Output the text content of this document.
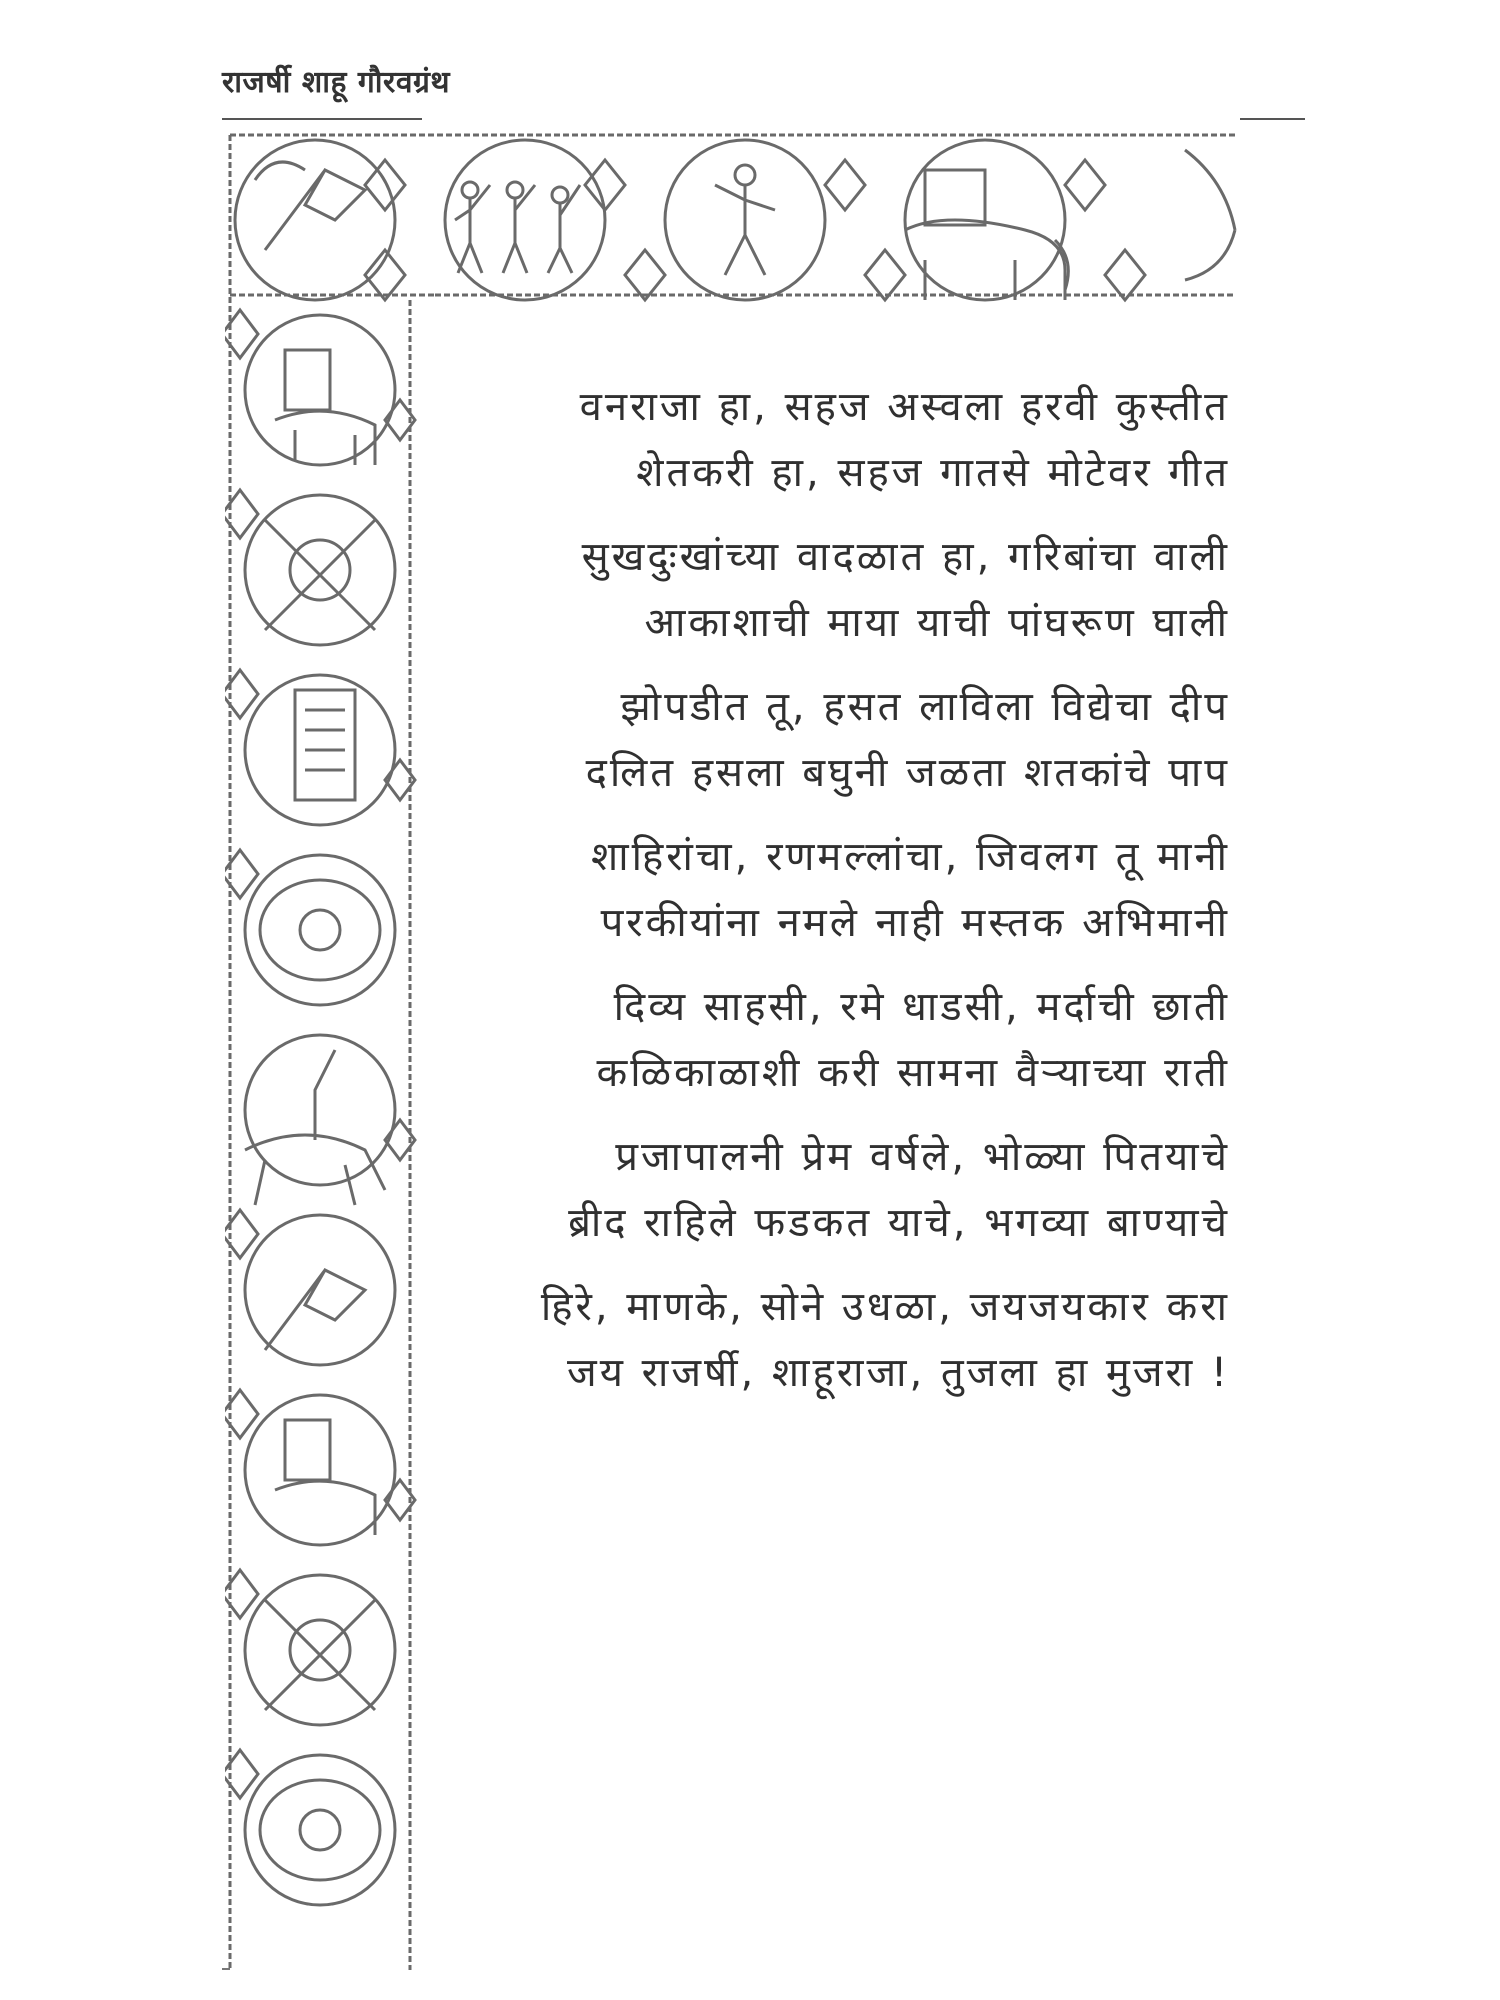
राजर्षी शाहू गौरवग्रंथ
वनराजा हा, सहज अस्वला हरवी कुस्तीत
शेतकरी हा, सहज गातसे मोटेवर गीत
सुखदुःखांच्या वादळात हा, गरिबांचा वाली
आकाशाची माया याची पांघरूण घाली
झोपडीत तू, हसत लाविला विद्येचा दीप
दलित हसला बघुनी जळता शतकांचे पाप
शाहिरांचा, रणमल्लांचा, जिवलग तू मानी
परकीयांना नमले नाही मस्तक अभिमानी
दिव्य साहसी, रमे धाडसी, मर्दाची छाती
कळिकाळाशी करी सामना वैऱ्याच्या राती
प्रजापालनी प्रेम वर्षले, भोळ्या पितयाचे
ब्रीद राहिले फडकत याचे, भगव्या बाण्याचे
हिरे, माणके, सोने उधळा, जयजयकार करा
जय राजर्षी, शाहूराजा, तुजला हा मुजरा !
